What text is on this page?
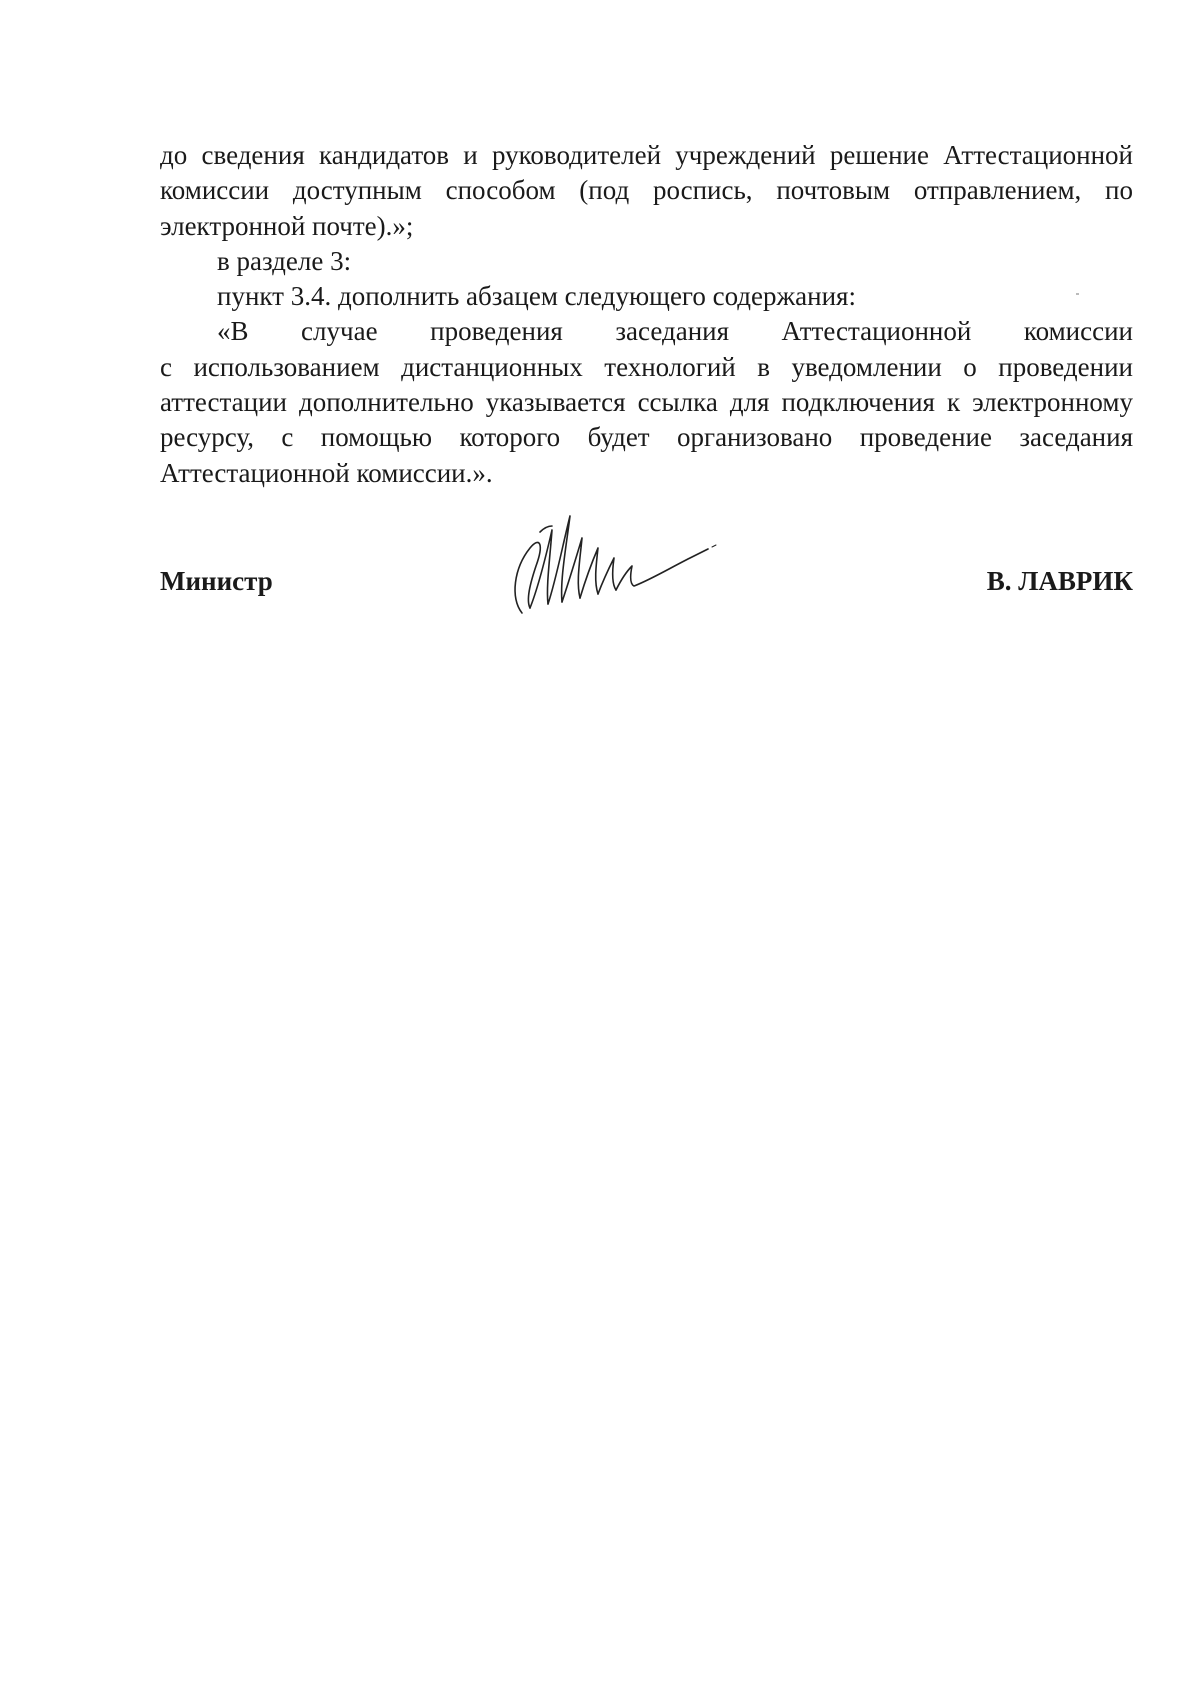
до сведения кандидатов и руководителей учреждений решение Аттестационной комиссии доступным способом (под роспись, почтовым отправлением, по электронной почте).»;

в разделе 3:

пункт 3.4. дополнить абзацем следующего содержания:

«В случае проведения заседания Аттестационной комиссии

с использованием дистанционных технологий в уведомлении о проведении аттестации дополнительно указывается ссылка для подключения к электронному ресурсу, с помощью которого будет организовано проведение заседания Аттестационной комиссии.».

Министр	В. ЛАВРИК
